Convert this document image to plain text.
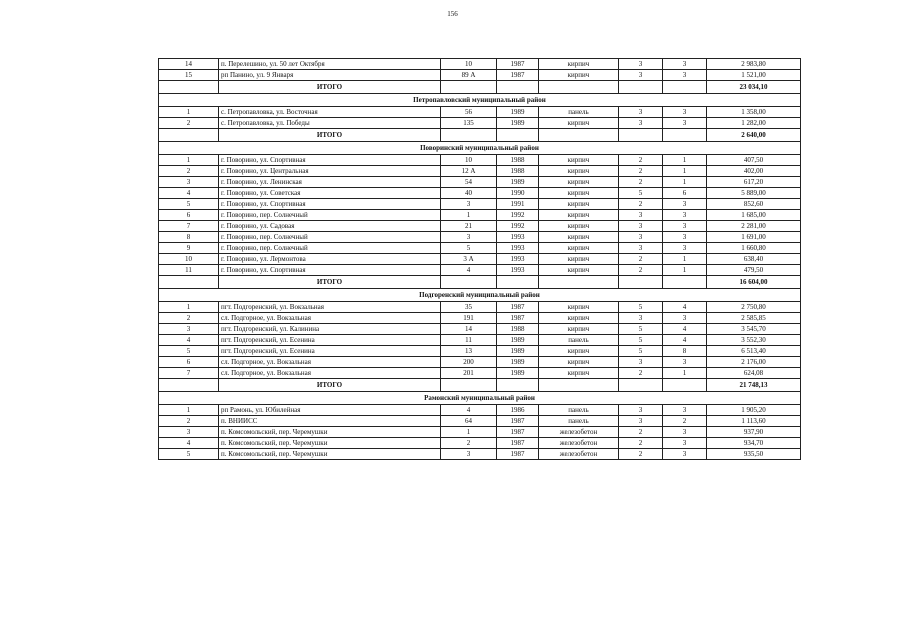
156
14	п. Перелешино, ул. 50 лет Октября	10	1987	кирпич	3	3	2 983,80
15	рп Панино, ул. 9 Января	89 А	1987	кирпич	3	3	1 521,00
	ИТОГО						23 034,10
Петропавловский муниципальный район							
1	с. Петропавловка, ул. Восточная	56	1989	панель	3	3	1 358,00
2	с. Петропавловка, ул. Победы	135	1989	кирпич	3	3	1 282,00
	ИТОГО						2 640,00
Поворинский муниципальный район							
1	г. Поворино, ул. Спортивная	10	1988	кирпич	2	1	407,50
2	г. Поворино, ул. Центральная	12 А	1988	кирпич	2	1	402,00
3	г. Поворино, ул. Ленинская	54	1989	кирпич	2	1	617,20
4	г. Поворино, ул. Советская	40	1990	кирпич	5	6	5 889,00
5	г. Поворино, ул. Спортивная	3	1991	кирпич	2	3	852,60
6	г. Поворино, пер. Солнечный	1	1992	кирпич	3	3	1 685,00
7	г. Поворино, ул. Садовая	21	1992	кирпич	3	3	2 281,00
8	г. Поворино, пер. Солнечный	3	1993	кирпич	3	3	1 691,00
9	г. Поворино, пер. Солнечный	5	1993	кирпич	3	3	1 660,80
10	г. Поворино, ул. Лермонтова	3 А	1993	кирпич	2	1	638,40
11	г. Поворино, ул. Спортивная	4	1993	кирпич	2	1	479,50
	ИТОГО						16 604,00
Подгоренский муниципальный район							
1	пгт. Подгоренский, ул. Вокзальная	35	1987	кирпич	5	4	2 750,80
2	сл. Подгорное, ул. Вокзальная	191	1987	кирпич	3	3	2 585,85
3	пгт. Подгоренский, ул. Калинина	14	1988	кирпич	5	4	3 545,70
4	пгт. Подгоренский, ул. Есенина	11	1989	панель	5	4	3 552,30
5	пгт. Подгоренский, ул. Есенина	13	1989	кирпич	5	8	6 513,40
6	сл. Подгорное, ул. Вокзальная	200	1989	кирпич	3	3	2 176,00
7	сл. Подгорное, ул. Вокзальная	201	1989	кирпич	2	1	624,08
	ИТОГО						21 748,13
Рамонский муниципальный район							
1	рп Рамонь, ул. Юбилейная	4	1986	панель	3	3	1 905,20
2	п. ВНИИСС	64	1987	панель	3	2	1 113,60
3	п. Комсомольский, пер. Черемушки	1	1987	железобетон	2	3	937,90
4	п. Комсомольский, пер. Черемушки	2	1987	железобетон	2	3	934,70
5	п. Комсомольский, пер. Черемушки	3	1987	железобетон	2	3	935,50
